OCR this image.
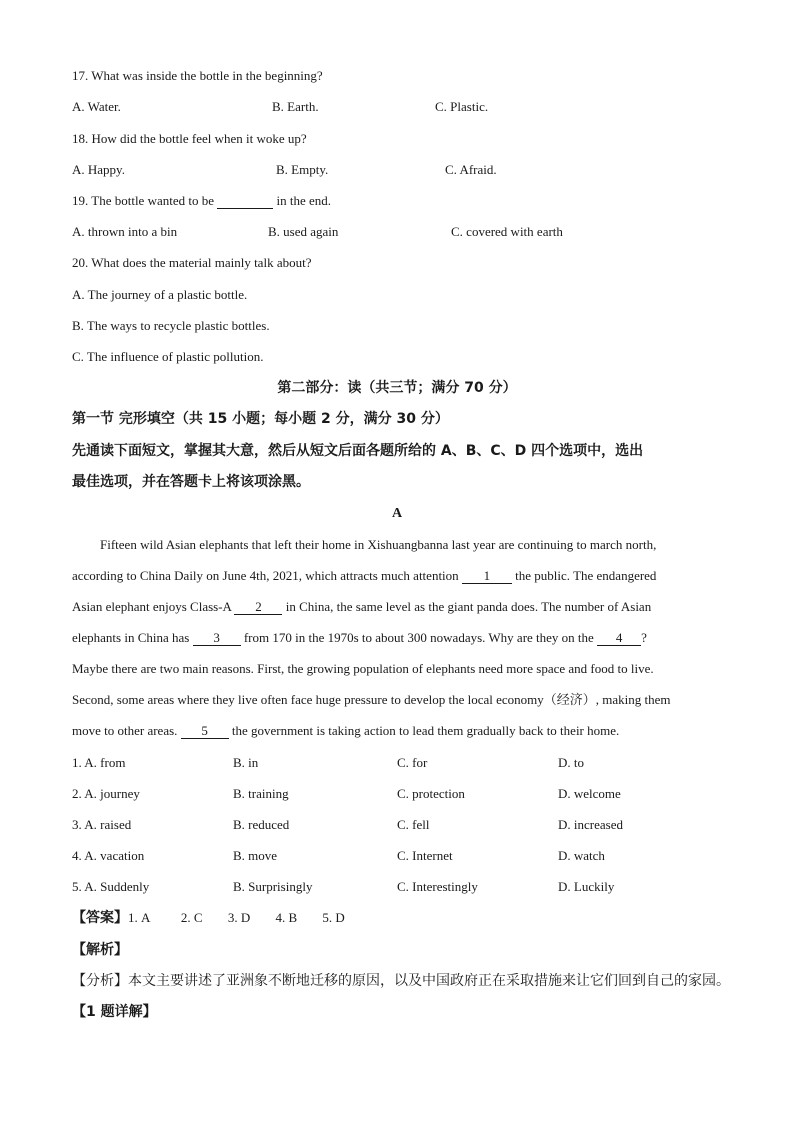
17. What was inside the bottle in the beginning?
A. Water.	B. Earth.	C. Plastic.
18. How did the bottle feel when it woke up?
A. Happy.	B. Empty.	C. Afraid.
19. The bottle wanted to be	in the end.
A. thrown into a bin	B. used again	C. covered with earth
20. What does the material mainly talk about?
A. The journey of a plastic bottle.
B. The ways to recycle plastic bottles.
C. The influence of plastic pollution.
第二部分：读（共三节；满分 70 分）
第一节 完形填空（共 15 小题；每小题 2 分，满分 30 分）
先通读下面短文，掌握其大意，然后从短文后面各题所给的 A、B、C、D 四个选项中，选出
最佳选项，并在答题卡上将该项涂黑。
A
Fifteen wild Asian elephants that left their home in Xishuangbanna last year are continuing to march north,
according to China Daily on June 4th, 2021, which attracts much attention 1 the public. The endangered
Asian elephant enjoys Class-A 2 in China, the same level as the giant panda does. The number of Asian
elephants in China has 3 from 170 in the 1970s to about 300 nowadays. Why are they on the 4 ?
Maybe there are two main reasons. First, the growing population of elephants need more space and food to live.
Second, some areas where they live often face huge pressure to develop the local economy（经济）, making them
move to other areas. 5 the government is taking action to lead them gradually back to their home.
1. A. from	B. in	C. for	D. to
2. A. journey	B. training	C. protection	D. welcome
3. A. raised	B. reduced	C. fell	D. increased
4. A. vacation	B. move	C. Internet	D. watch
5. A. Suddenly	B. Surprisingly	C. Interestingly	D. Luckily
【答案】1. A 2. C 3. D 4. B 5. D
【解析】
【分析】本文主要讲述了亚洲象不断地迁移的原因，以及中国政府正在采取措施来让它们回到自己的家园。
【1 题详解】
